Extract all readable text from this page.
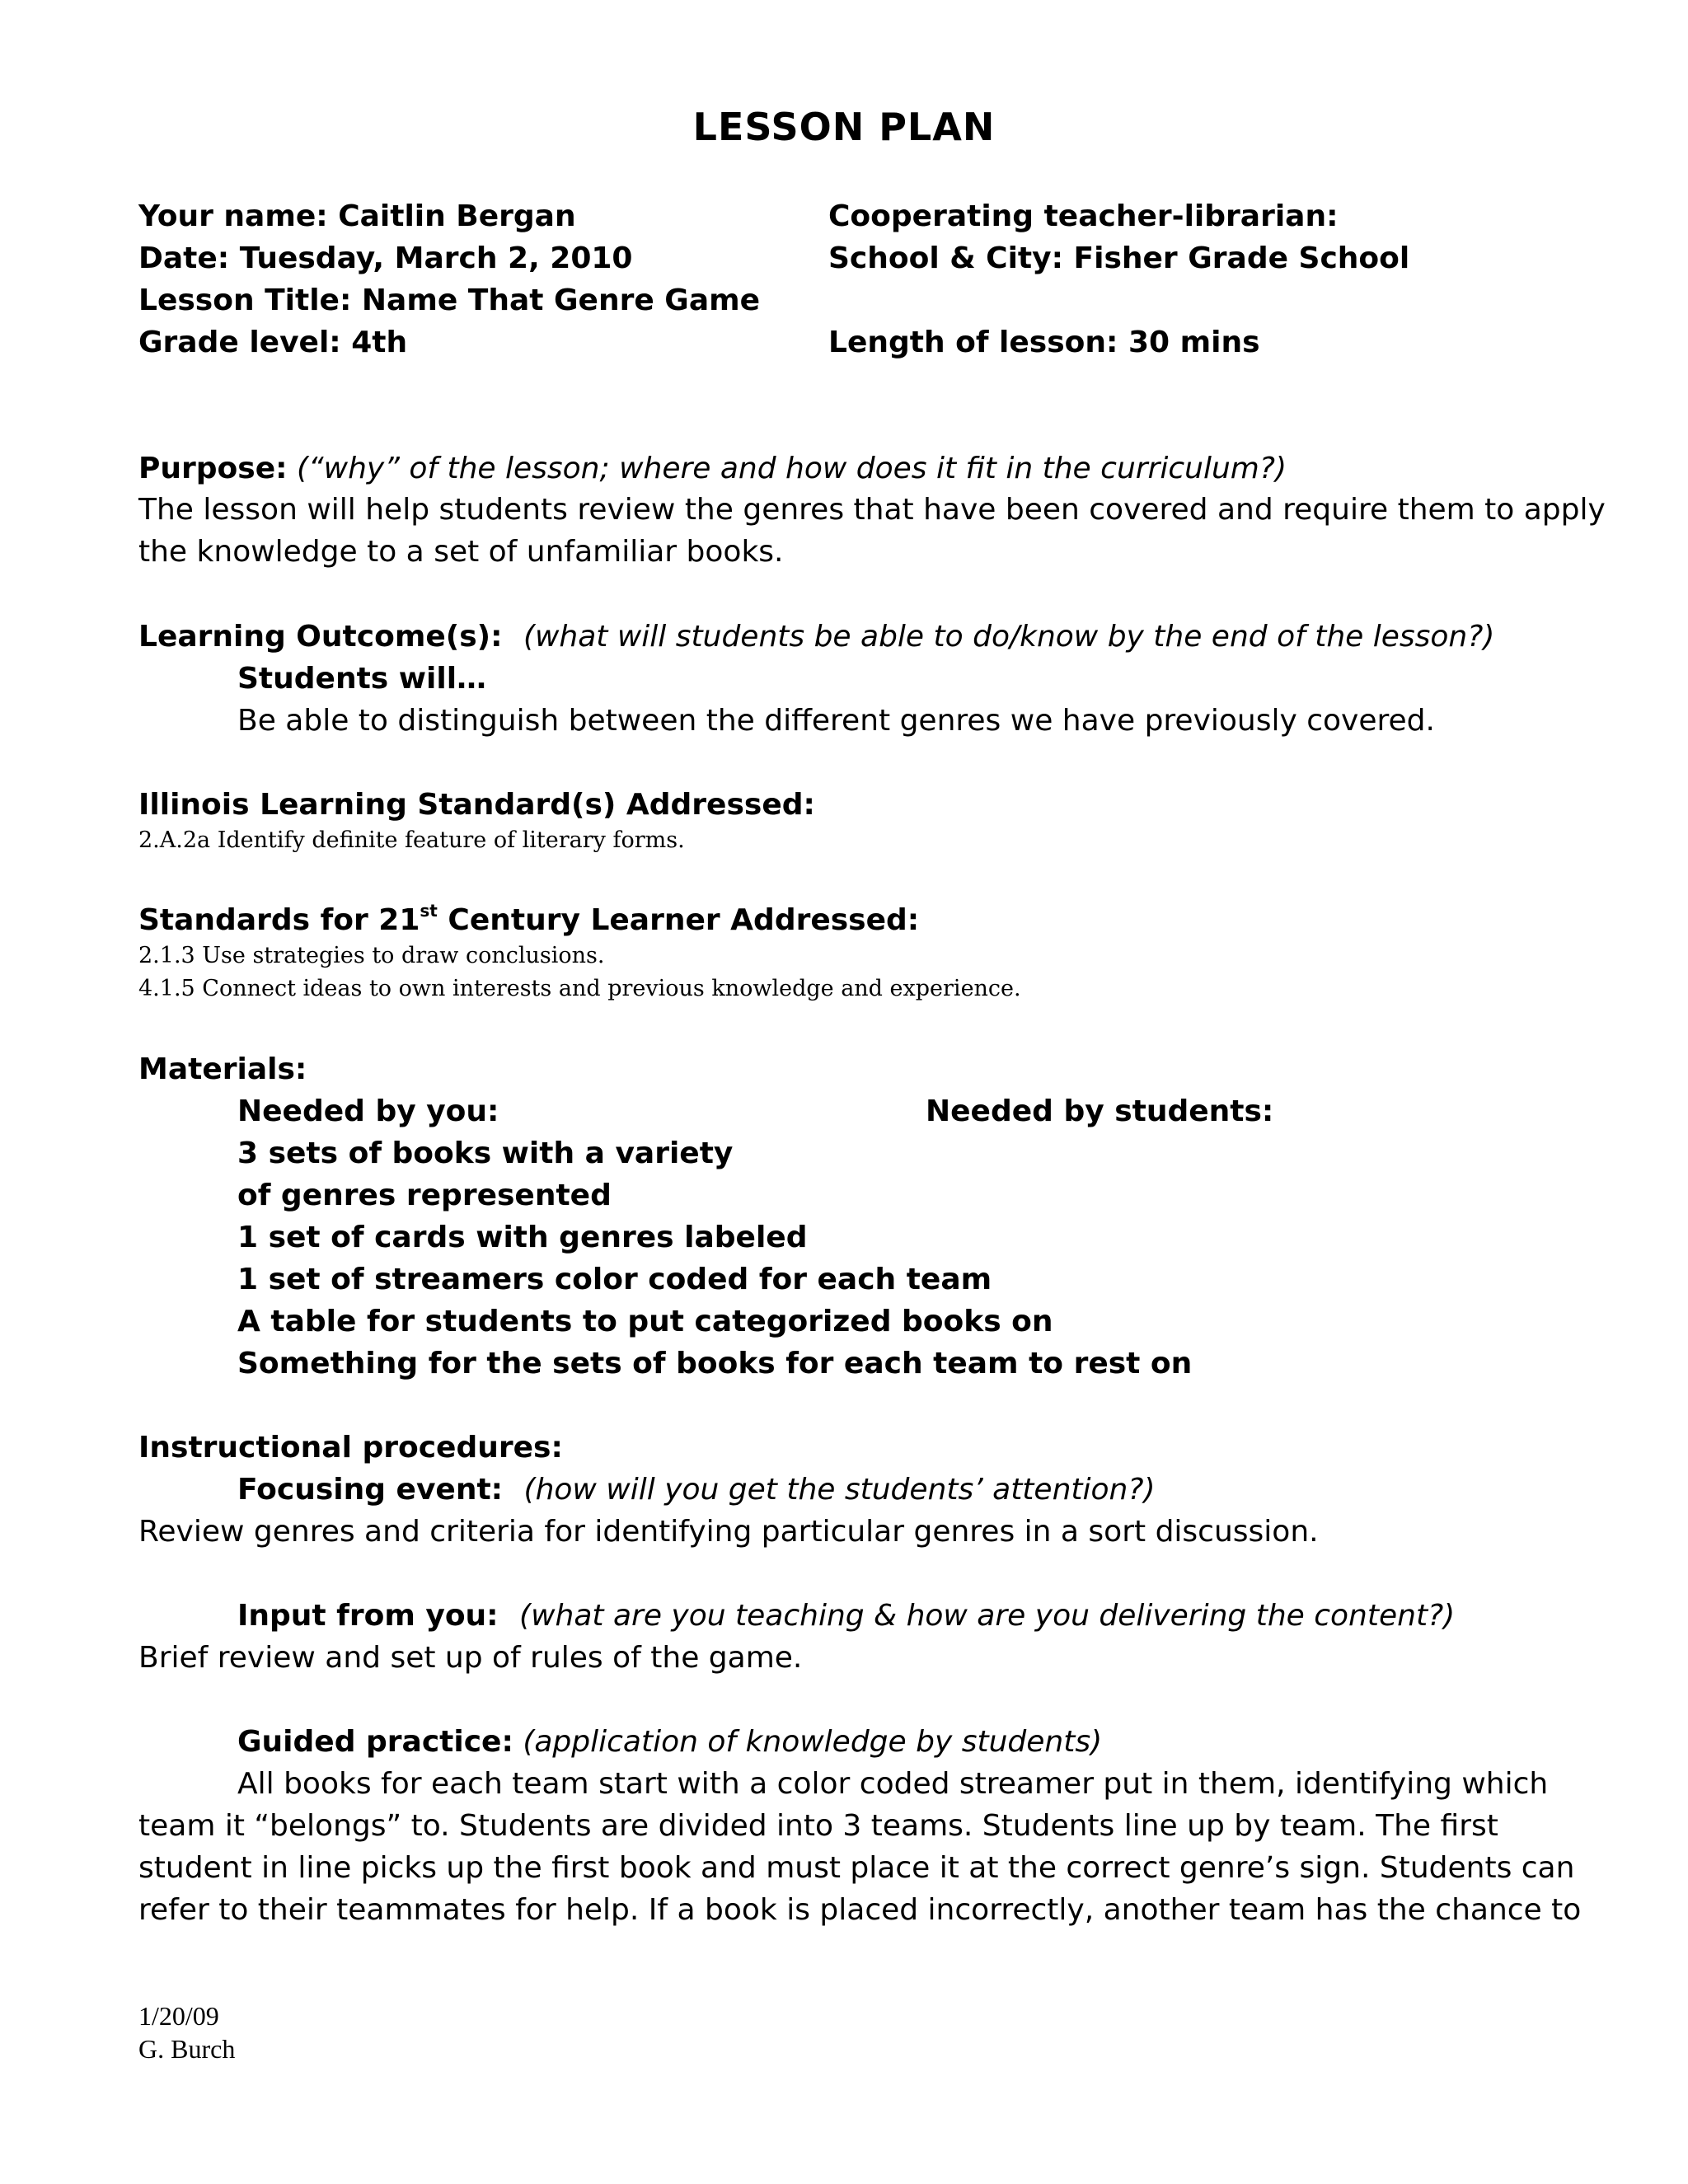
LESSON PLAN
Your name: Caitlin Bergan
Date: Tuesday, March 2, 2010
Lesson Title: Name That Genre Game
Grade level: 4th
Cooperating teacher-librarian:
School & City: Fisher Grade School
Length of lesson: 30 mins
Purpose: (“why” of the lesson; where and how does it fit in the curriculum?)
The lesson will help students review the genres that have been covered and require them to apply
the knowledge to a set of unfamiliar books.
Learning Outcome(s): (what will students be able to do/know by the end of the lesson?)
Students will…
Be able to distinguish between the different genres we have previously covered.
Illinois Learning Standard(s) Addressed:
2.A.2a Identify definite feature of literary forms.
Standards for 21st Century Learner Addressed:
2.1.3 Use strategies to draw conclusions.
4.1.5 Connect ideas to own interests and previous knowledge and experience.
Materials:
Needed by you:	Needed by students:
3 sets of books with a variety
of genres represented
1 set of cards with genres labeled
1 set of streamers color coded for each team
A table for students to put categorized books on
Something for the sets of books for each team to rest on
Instructional procedures:
Focusing event: (how will you get the students’ attention?)
Review genres and criteria for identifying particular genres in a sort discussion.
Input from you: (what are you teaching & how are you delivering the content?)
Brief review and set up of rules of the game.
Guided practice: (application of knowledge by students)
All books for each team start with a color coded streamer put in them, identifying which
team it “belongs” to. Students are divided into 3 teams. Students line up by team. The first
student in line picks up the first book and must place it at the correct genre’s sign. Students can
refer to their teammates for help. If a book is placed incorrectly, another team has the chance to
1/20/09
G. Burch
